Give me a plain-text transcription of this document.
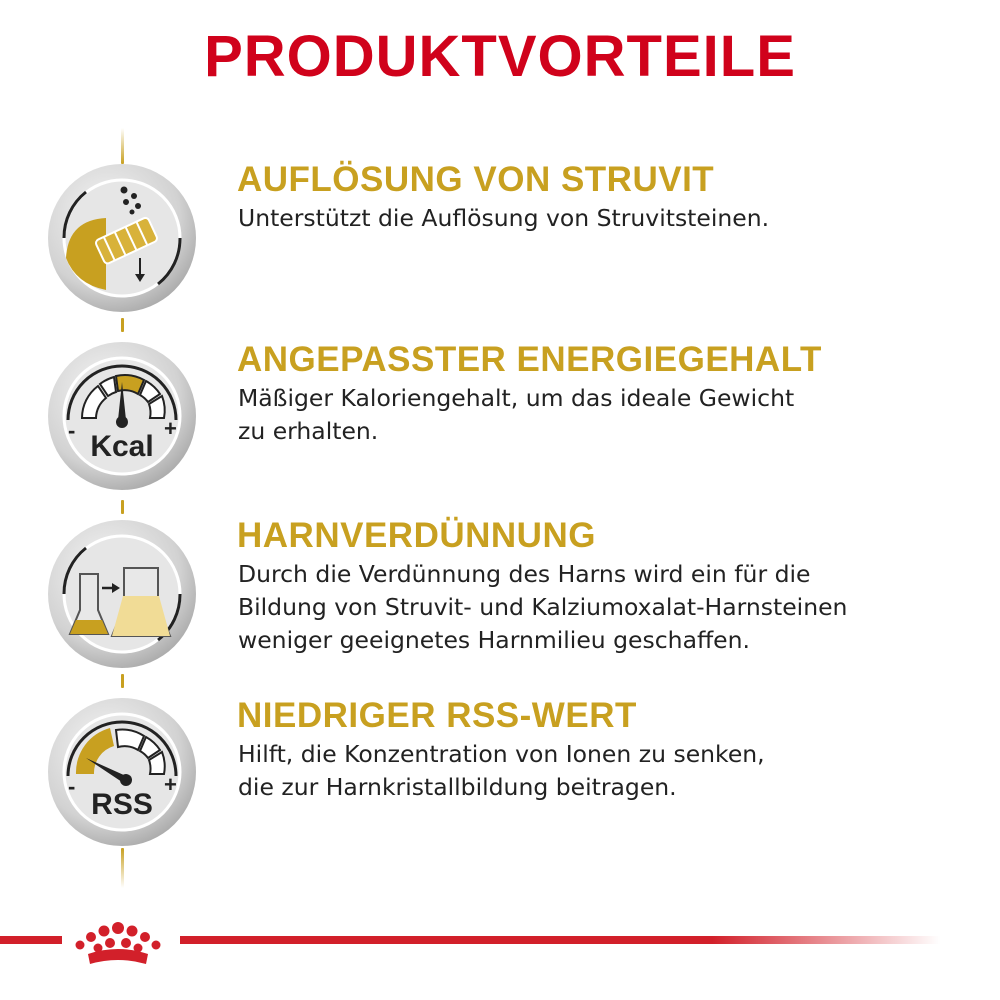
PRODUKTVORTEILE
AUFLÖSUNG VON STRUVIT
Unterstützt die Auflösung von Struvitsteinen.
-	+
Kcal
ANGEPASSTER ENERGIEGEHALT
Mäßiger Kaloriengehalt, um das ideale Gewicht
zu erhalten.
HARNVERDÜNNUNG
Durch die Verdünnung des Harns wird ein für die
Bildung von Struvit- und Kalziumoxalat-Harnsteinen
weniger geeignetes Harnmilieu geschaffen.
-	+
RSS
NIEDRIGER RSS-WERT
Hilft, die Konzentration von Ionen zu senken,
die zur Harnkristallbildung beitragen.
